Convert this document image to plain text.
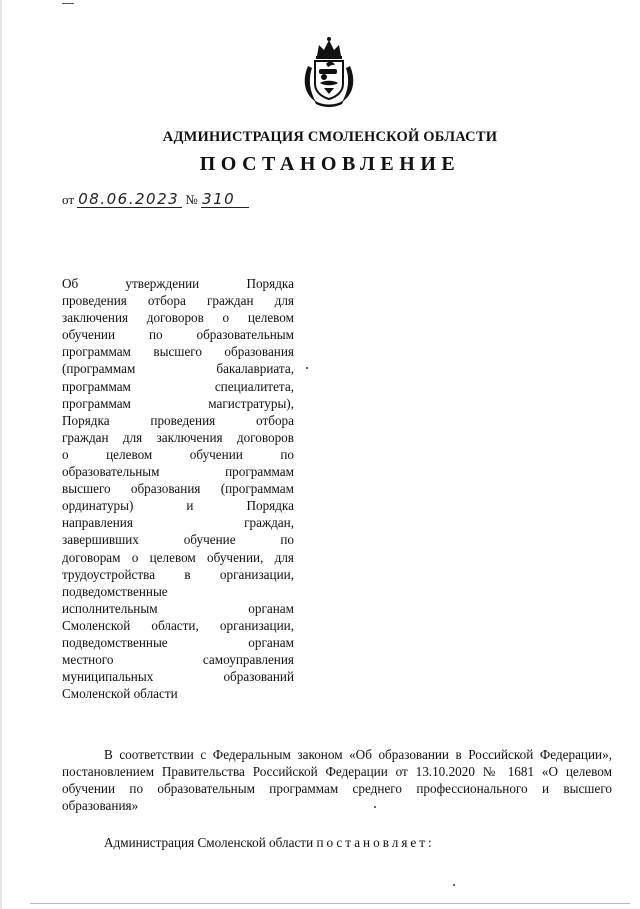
АДМИНИСТРАЦИЯ СМОЛЕНСКОЙ ОБЛАСТИ
ПОСТАНОВЛЕНИЕ
от 08.06.2023 № 310
Об утверждении Порядка
проведения отбора граждан для
заключения договоров о целевом
обучении по образовательным
программам высшего образования
(программам бакалавриата,
программам специалитета,
программам магистратуры),
Порядка проведения отбора
граждан для заключения договоров
о целевом обучении по
образовательным программам
высшего образования (программам
ординатуры) и Порядка
направления граждан,
завершивших обучение по
договорам о целевом обучении, для
трудоустройства в организации,
подведомственные
исполнительным органам
Смоленской области, организации,
подведомственные органам
местного самоуправления
муниципальных образований
Смоленской области
В соответствии с Федеральным законом «Об образовании в Российской Федерации», постановлением Правительства Российской Федерации от 13.10.2020 № 1681 «О целевом обучении по образовательным программам среднего профессионального и высшего образования»
Администрация Смоленской области постановляет:
